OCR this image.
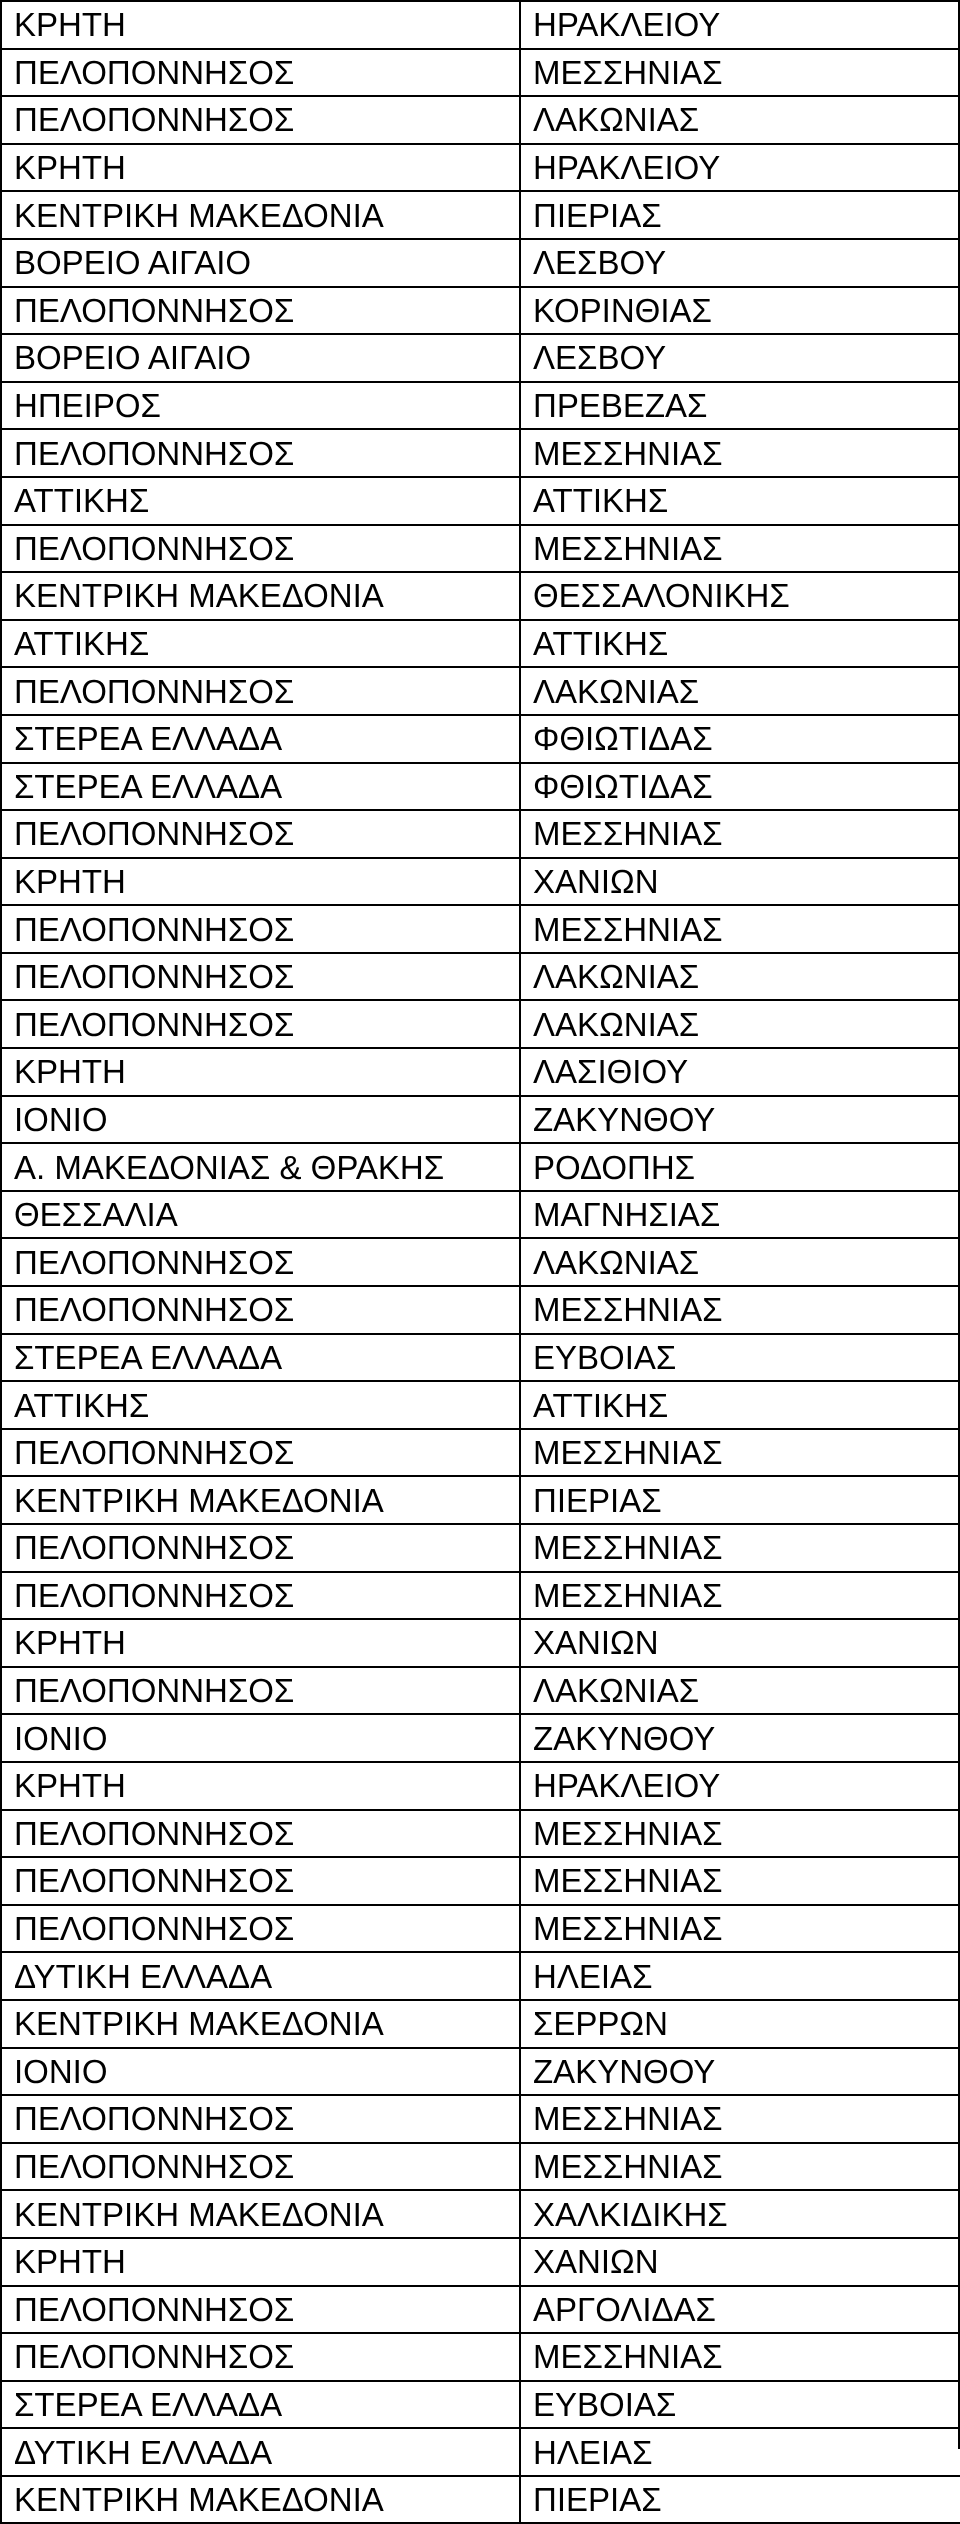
ΚΡΗΤΗ	ΗΡΑΚΛΕΙΟΥ
ΠΕΛΟΠΟΝΝΗΣΟΣ	ΜΕΣΣΗΝΙΑΣ
ΠΕΛΟΠΟΝΝΗΣΟΣ	ΛΑΚΩΝΙΑΣ
ΚΡΗΤΗ	ΗΡΑΚΛΕΙΟΥ
ΚΕΝΤΡΙΚΗ ΜΑΚΕΔΟΝΙΑ	ΠΙΕΡΙΑΣ
ΒΟΡΕΙΟ ΑΙΓΑΙΟ	ΛΕΣΒΟΥ
ΠΕΛΟΠΟΝΝΗΣΟΣ	ΚΟΡΙΝΘΙΑΣ
ΒΟΡΕΙΟ ΑΙΓΑΙΟ	ΛΕΣΒΟΥ
ΗΠΕΙΡΟΣ	ΠΡΕΒΕΖΑΣ
ΠΕΛΟΠΟΝΝΗΣΟΣ	ΜΕΣΣΗΝΙΑΣ
ΑΤΤΙΚΗΣ	ΑΤΤΙΚΗΣ
ΠΕΛΟΠΟΝΝΗΣΟΣ	ΜΕΣΣΗΝΙΑΣ
ΚΕΝΤΡΙΚΗ ΜΑΚΕΔΟΝΙΑ	ΘΕΣΣΑΛΟΝΙΚΗΣ
ΑΤΤΙΚΗΣ	ΑΤΤΙΚΗΣ
ΠΕΛΟΠΟΝΝΗΣΟΣ	ΛΑΚΩΝΙΑΣ
ΣΤΕΡΕΑ ΕΛΛΑΔΑ	ΦΘΙΩΤΙΔΑΣ
ΣΤΕΡΕΑ ΕΛΛΑΔΑ	ΦΘΙΩΤΙΔΑΣ
ΠΕΛΟΠΟΝΝΗΣΟΣ	ΜΕΣΣΗΝΙΑΣ
ΚΡΗΤΗ	ΧΑΝΙΩΝ
ΠΕΛΟΠΟΝΝΗΣΟΣ	ΜΕΣΣΗΝΙΑΣ
ΠΕΛΟΠΟΝΝΗΣΟΣ	ΛΑΚΩΝΙΑΣ
ΠΕΛΟΠΟΝΝΗΣΟΣ	ΛΑΚΩΝΙΑΣ
ΚΡΗΤΗ	ΛΑΣΙΘΙΟΥ
ΙΟΝΙΟ	ΖΑΚΥΝΘΟΥ
Α. ΜΑΚΕΔΟΝΙΑΣ & ΘΡΑΚΗΣ	ΡΟΔΟΠΗΣ
ΘΕΣΣΑΛΙΑ	ΜΑΓΝΗΣΙΑΣ
ΠΕΛΟΠΟΝΝΗΣΟΣ	ΛΑΚΩΝΙΑΣ
ΠΕΛΟΠΟΝΝΗΣΟΣ	ΜΕΣΣΗΝΙΑΣ
ΣΤΕΡΕΑ ΕΛΛΑΔΑ	ΕΥΒΟΙΑΣ
ΑΤΤΙΚΗΣ	ΑΤΤΙΚΗΣ
ΠΕΛΟΠΟΝΝΗΣΟΣ	ΜΕΣΣΗΝΙΑΣ
ΚΕΝΤΡΙΚΗ ΜΑΚΕΔΟΝΙΑ	ΠΙΕΡΙΑΣ
ΠΕΛΟΠΟΝΝΗΣΟΣ	ΜΕΣΣΗΝΙΑΣ
ΠΕΛΟΠΟΝΝΗΣΟΣ	ΜΕΣΣΗΝΙΑΣ
ΚΡΗΤΗ	ΧΑΝΙΩΝ
ΠΕΛΟΠΟΝΝΗΣΟΣ	ΛΑΚΩΝΙΑΣ
ΙΟΝΙΟ	ΖΑΚΥΝΘΟΥ
ΚΡΗΤΗ	ΗΡΑΚΛΕΙΟΥ
ΠΕΛΟΠΟΝΝΗΣΟΣ	ΜΕΣΣΗΝΙΑΣ
ΠΕΛΟΠΟΝΝΗΣΟΣ	ΜΕΣΣΗΝΙΑΣ
ΠΕΛΟΠΟΝΝΗΣΟΣ	ΜΕΣΣΗΝΙΑΣ
ΔΥΤΙΚΗ ΕΛΛΑΔΑ	ΗΛΕΙΑΣ
ΚΕΝΤΡΙΚΗ ΜΑΚΕΔΟΝΙΑ	ΣΕΡΡΩΝ
ΙΟΝΙΟ	ΖΑΚΥΝΘΟΥ
ΠΕΛΟΠΟΝΝΗΣΟΣ	ΜΕΣΣΗΝΙΑΣ
ΠΕΛΟΠΟΝΝΗΣΟΣ	ΜΕΣΣΗΝΙΑΣ
ΚΕΝΤΡΙΚΗ ΜΑΚΕΔΟΝΙΑ	ΧΑΛΚΙΔΙΚΗΣ
ΚΡΗΤΗ	ΧΑΝΙΩΝ
ΠΕΛΟΠΟΝΝΗΣΟΣ	ΑΡΓΟΛΙΔΑΣ
ΠΕΛΟΠΟΝΝΗΣΟΣ	ΜΕΣΣΗΝΙΑΣ
ΣΤΕΡΕΑ ΕΛΛΑΔΑ	ΕΥΒΟΙΑΣ
ΔΥΤΙΚΗ ΕΛΛΑΔΑ	ΗΛΕΙΑΣ
ΚΕΝΤΡΙΚΗ ΜΑΚΕΔΟΝΙΑ	ΠΙΕΡΙΑΣ
